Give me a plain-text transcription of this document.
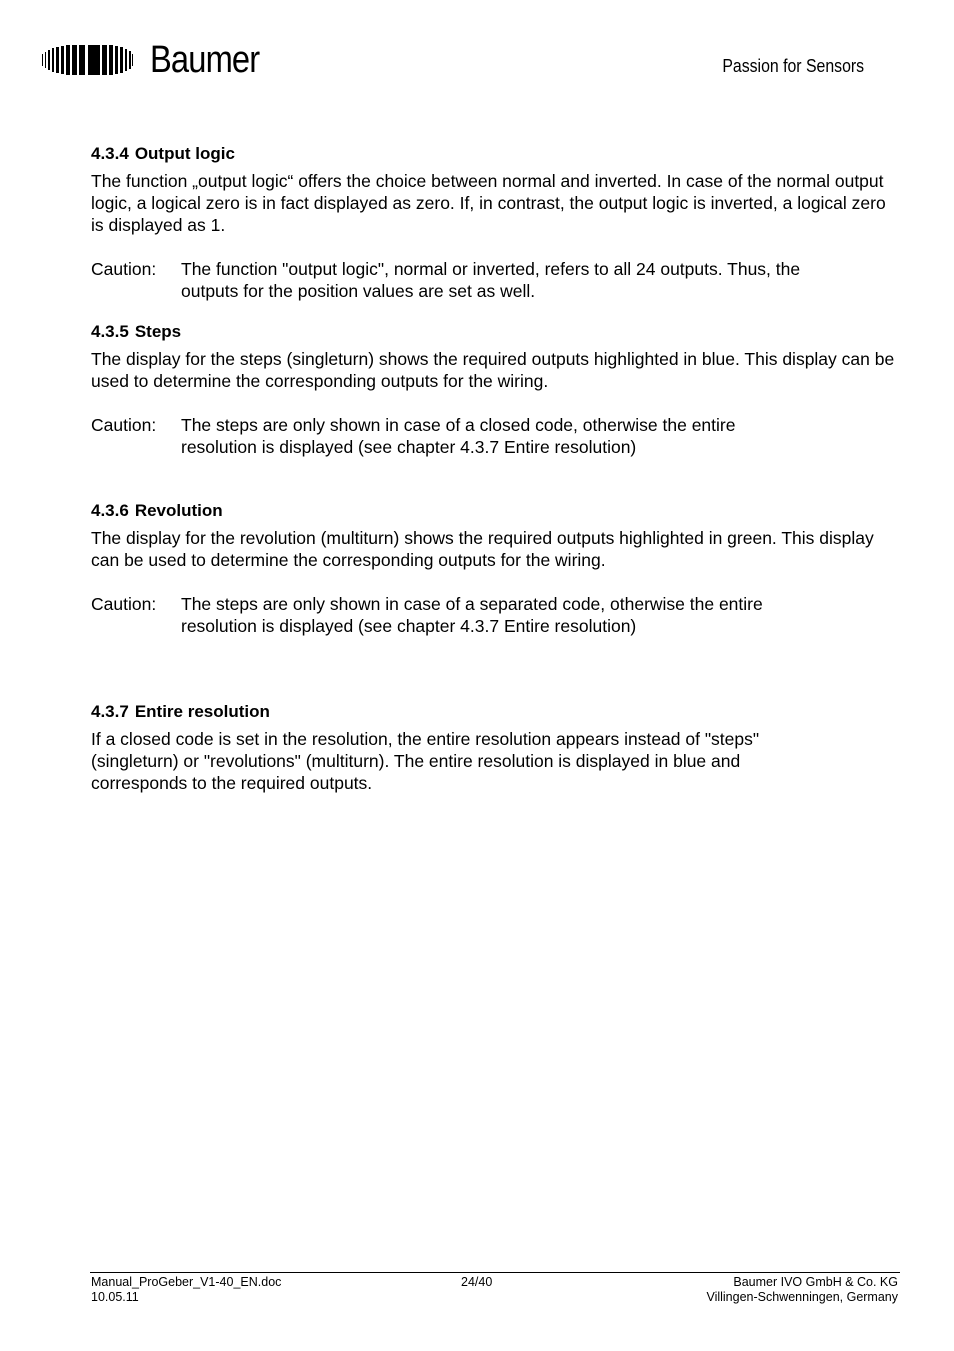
Baumer	Passion for Sensors
4.3.4 Output logic

The function „output logic“ offers the choice between normal and inverted. In case of the normal output logic, a logical zero is in fact displayed as zero. If, in contrast, the output logic is inverted, a logical zero is displayed as 1.

Caution:	The function "output logic", normal or inverted, refers to all 24 outputs. Thus, the outputs for the position values are set as well.
4.3.5 Steps

The display for the steps (singleturn) shows the required outputs highlighted in blue. This display can be used to determine the corresponding outputs for the wiring.

Caution:	The steps are only shown in case of a closed code, otherwise the entire resolution is displayed (see chapter 4.3.7 Entire resolution)
4.3.6 Revolution

The display for the revolution (multiturn) shows the required outputs highlighted in green. This display can be used to determine the corresponding outputs for the wiring.

Caution:	The steps are only shown in case of a separated code, otherwise the entire resolution is displayed (see chapter 4.3.7 Entire resolution)
4.3.7 Entire resolution

If a closed code is set in the resolution, the entire resolution appears instead of "steps" (singleturn) or "revolutions" (multiturn). The entire resolution is displayed in blue and corresponds to the required outputs.

Manual_ProGeber_V1-40_EN.doc
10.05.11
24/40	Baumer IVO GmbH & Co. KG
Villingen-Schwenningen, Germany
